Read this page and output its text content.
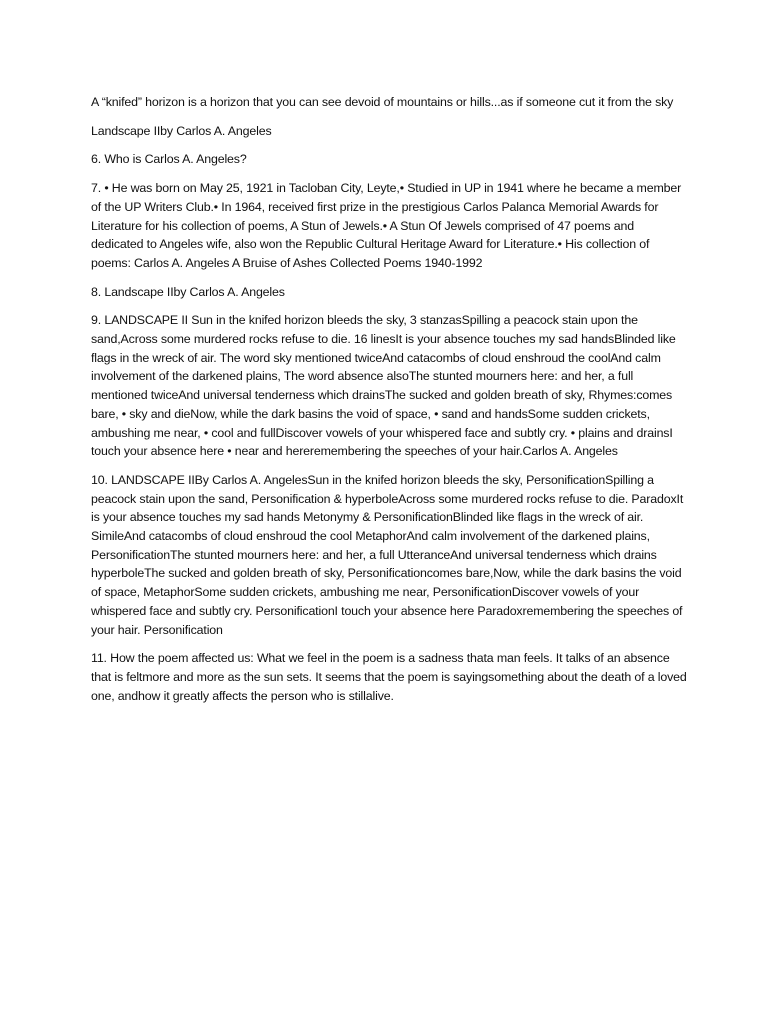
A “knifed” horizon is a horizon that you can see devoid of mountains or hills...as if someone cut it from the sky

Landscape IIby Carlos A. Angeles

6. Who is Carlos A. Angeles?

7. • He was born on May 25, 1921 in Tacloban City, Leyte,• Studied in UP in 1941 where he became a member of the UP Writers Club.• In 1964, received first prize in the prestigious Carlos Palanca Memorial Awards for Literature for his collection of poems, A Stun of Jewels.• A Stun Of Jewels comprised of 47 poems and dedicated to Angeles wife, also won the Republic Cultural Heritage Award for Literature.• His collection of poems: Carlos A. Angeles A Bruise of Ashes Collected Poems 1940-1992

8. Landscape IIby Carlos A. Angeles

9. LANDSCAPE II Sun in the knifed horizon bleeds the sky, 3 stanzasSpilling a peacock stain upon the sand,Across some murdered rocks refuse to die. 16 linesIt is your absence touches my sad handsBlinded like flags in the wreck of air. The word sky mentioned twiceAnd catacombs of cloud enshroud the coolAnd calm involvement of the darkened plains, The word absence alsoThe stunted mourners here: and her, a full mentioned twiceAnd universal tenderness which drainsThe sucked and golden breath of sky, Rhymes:comes bare, • sky and dieNow, while the dark basins the void of space, • sand and handsSome sudden crickets, ambushing me near, • cool and fullDiscover vowels of your whispered face and subtly cry. • plains and drainsI touch your absence here • near and hereremembering the speeches of your hair.Carlos A. Angeles

10. LANDSCAPE IIBy Carlos A. AngelesSun in the knifed horizon bleeds the sky, PersonificationSpilling a peacock stain upon the sand, Personification & hyperboleAcross some murdered rocks refuse to die. ParadoxIt is your absence touches my sad hands Metonymy & PersonificationBlinded like flags in the wreck of air. SimileAnd catacombs of cloud enshroud the cool MetaphorAnd calm involvement of the darkened plains, PersonificationThe stunted mourners here: and her, a full UtteranceAnd universal tenderness which drains hyperboleThe sucked and golden breath of sky, Personificationcomes bare,Now, while the dark basins the void of space, MetaphorSome sudden crickets, ambushing me near, PersonificationDiscover vowels of your whispered face and subtly cry. PersonificationI touch your absence here Paradoxremembering the speeches of your hair. Personification

11. How the poem affected us: What we feel in the poem is a sadness thata man feels. It talks of an absence that is feltmore and more as the sun sets. It seems that the poem is sayingsomething about the death of a loved one, andhow it greatly affects the person who is stillalive.
